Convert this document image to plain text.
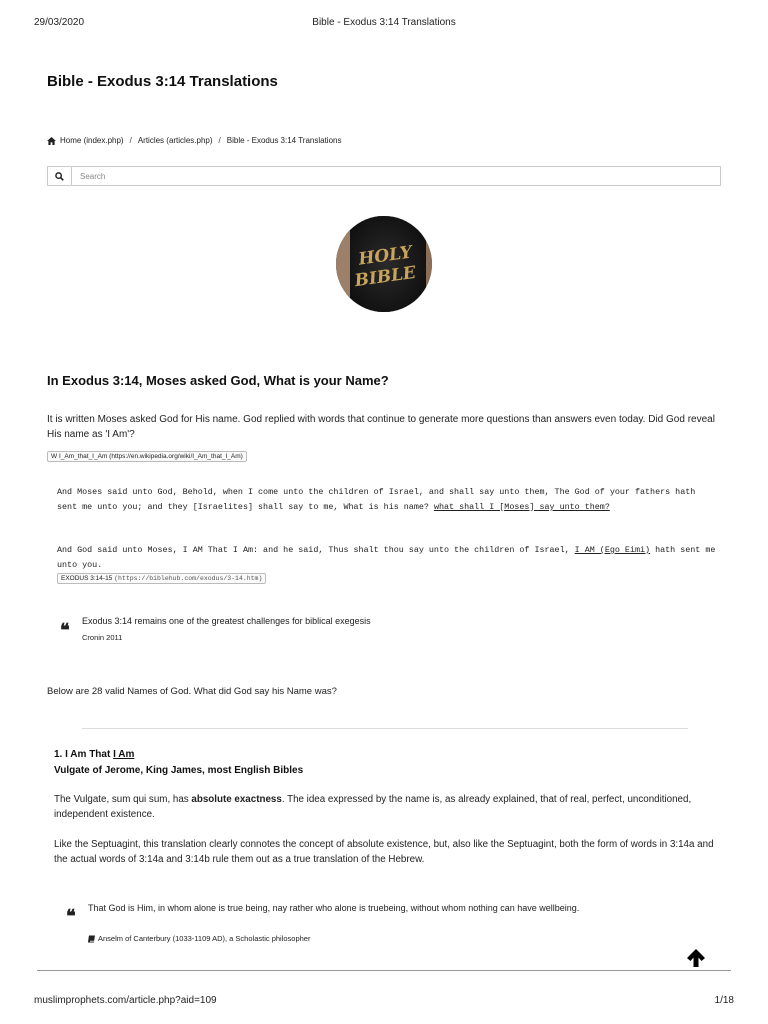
29/03/2020	Bible - Exodus 3:14 Translations
Bible - Exodus 3:14 Translations
Home (index.php) / Articles (articles.php) / Bible - Exodus 3:14 Translations
Search
HOLY
BIBLE
In Exodus 3:14, Moses asked God, What is your Name?

It is written Moses asked God for His name. God replied with words that continue to generate more questions than answers even today. Did God reveal His name as 'I Am'?

W I_Am_that_I_Am (https://en.wikipedia.org/wiki/I_Am_that_I_Am)

And Moses said unto God, Behold, when I come unto the children of Israel, and shall say unto them, The God of your fathers hath sent me unto you; and they [Israelites] shall say to me, What is his name? what shall I [Moses] say unto them?

And God said unto Moses, I AM That I Am: and he said, Thus shalt thou say unto the children of Israel, I AM (Ego Eimi) hath sent me unto you.

EXODUS 3:14-15 (https://biblehub.com/exodus/3-14.htm)
❝ Exodus 3:14 remains one of the greatest challenges for biblical exegesis
Cronin 2011

Below are 28 valid Names of God. What did God say his Name was?

1. I Am That I Am
Vulgate of Jerome, King James, most English Bibles

The Vulgate, sum qui sum, has absolute exactness. The idea expressed by the name is, as already explained, that of real, perfect, unconditioned, independent existence.

Like the Septuagint, this translation clearly connotes the concept of absolute existence, but, also like the Septuagint, both the form of words in 3:14a and the actual words of 3:14a and 3:14b rule them out as a true translation of the Hebrew.

❝ That God is Him, in whom alone is true being, nay rather who alone is truebeing, without whom nothing can have wellbeing.
Anselm of Canterbury (1033-1109 AD), a Scholastic philosopher
muslimprophets.com/article.php?aid=109	1/18
